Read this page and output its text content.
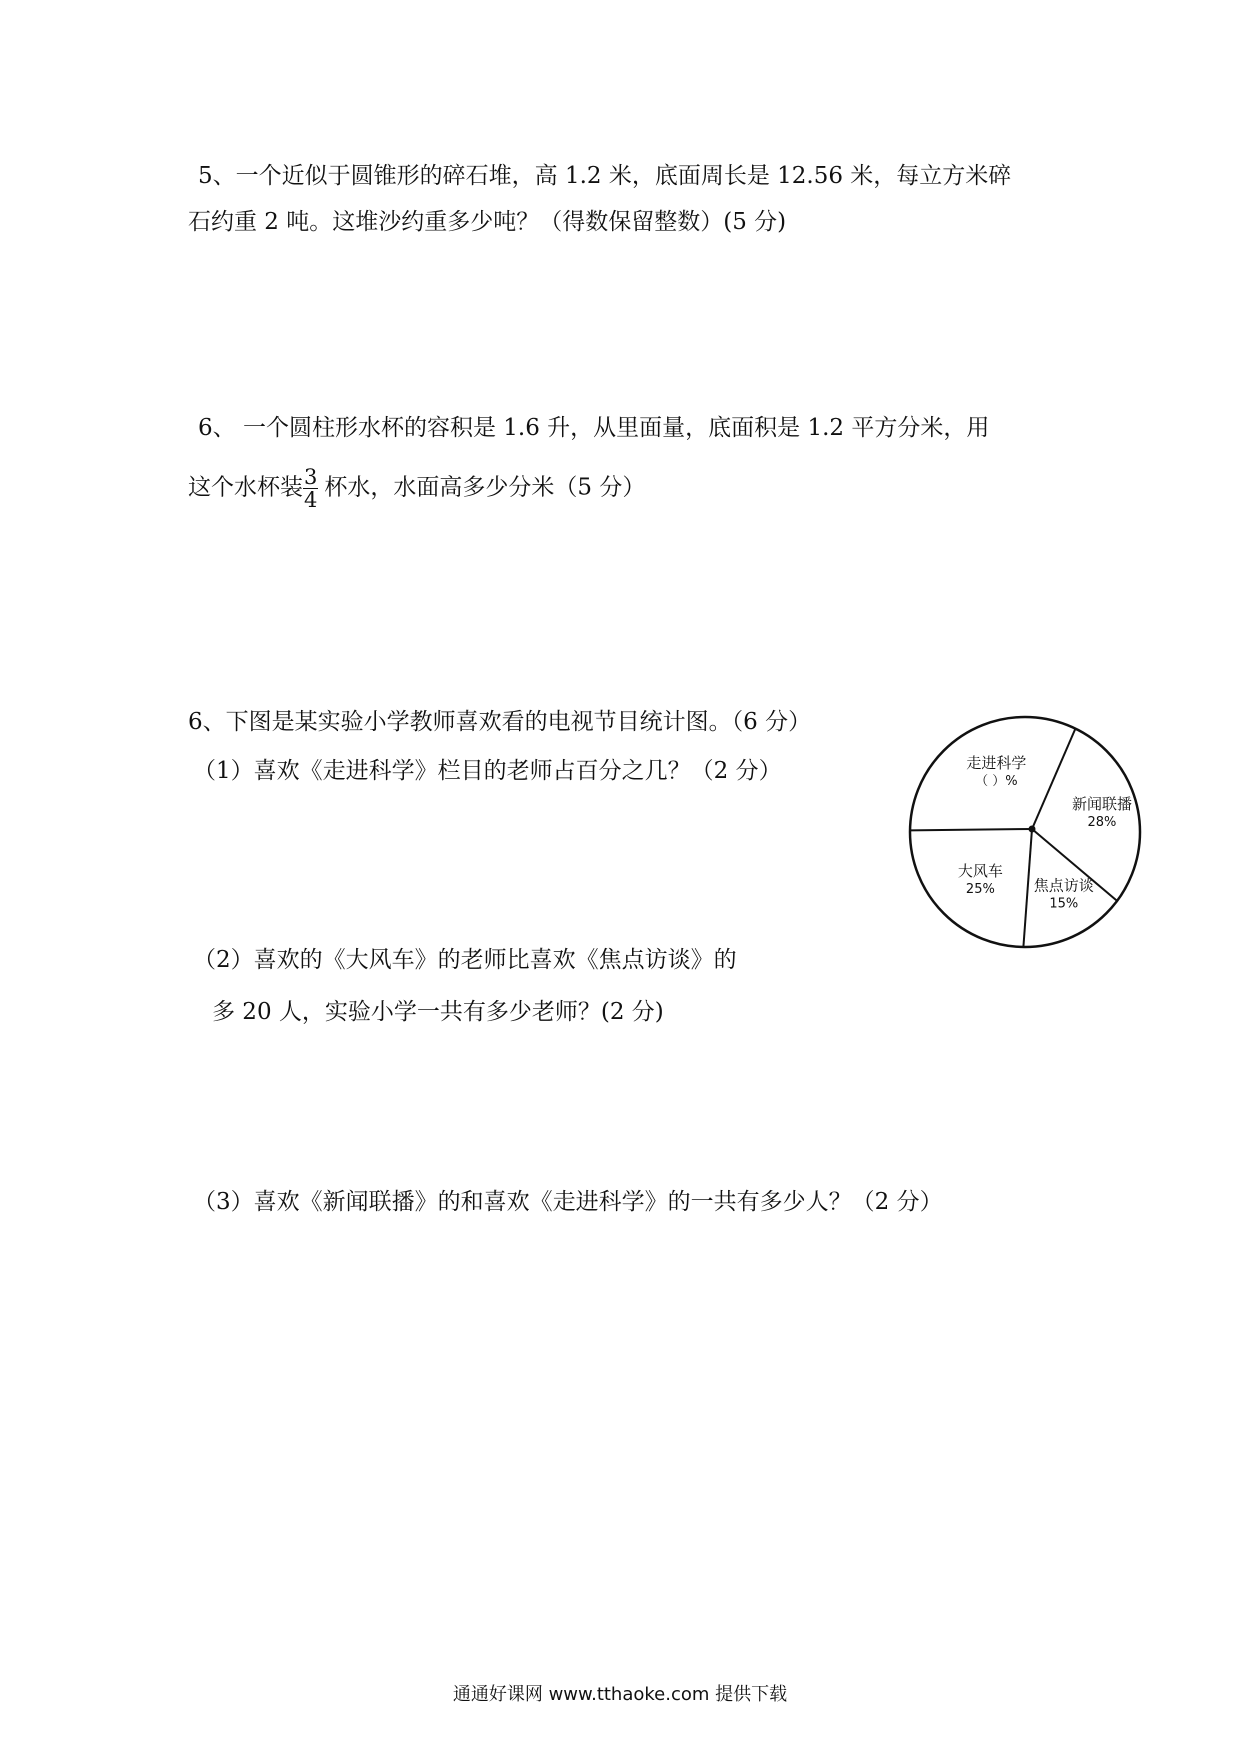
5、一个近似于圆锥形的碎石堆，高 1.2 米，底面周长是 12.56 米，每立方米碎
石约重 2 吨。这堆沙约重多少吨？（得数保留整数）(5 分)
6、 一个圆柱形水杯的容积是 1.6 升，从里面量，底面积是 1.2 平方分米，用
这个水杯装 $\frac{3}{4}$ 杯水，水面高多少分米（5 分）
6、下图是某实验小学教师喜欢看的电视节目统计图。（6 分）
（1）喜欢《走进科学》栏目的老师占百分之几？（2 分）
新闻联播
28%
焦点访谈
15%
大风车
25%
走进科学
（ ）%
（2）喜欢的《大风车》的老师比喜欢《焦点访谈》的
多 20 人，实验小学一共有多少老师？(2 分)
（3）喜欢《新闻联播》的和喜欢《走进科学》的一共有多少人？（2 分）
通通好课网 www.tthaoke.com 提供下载
